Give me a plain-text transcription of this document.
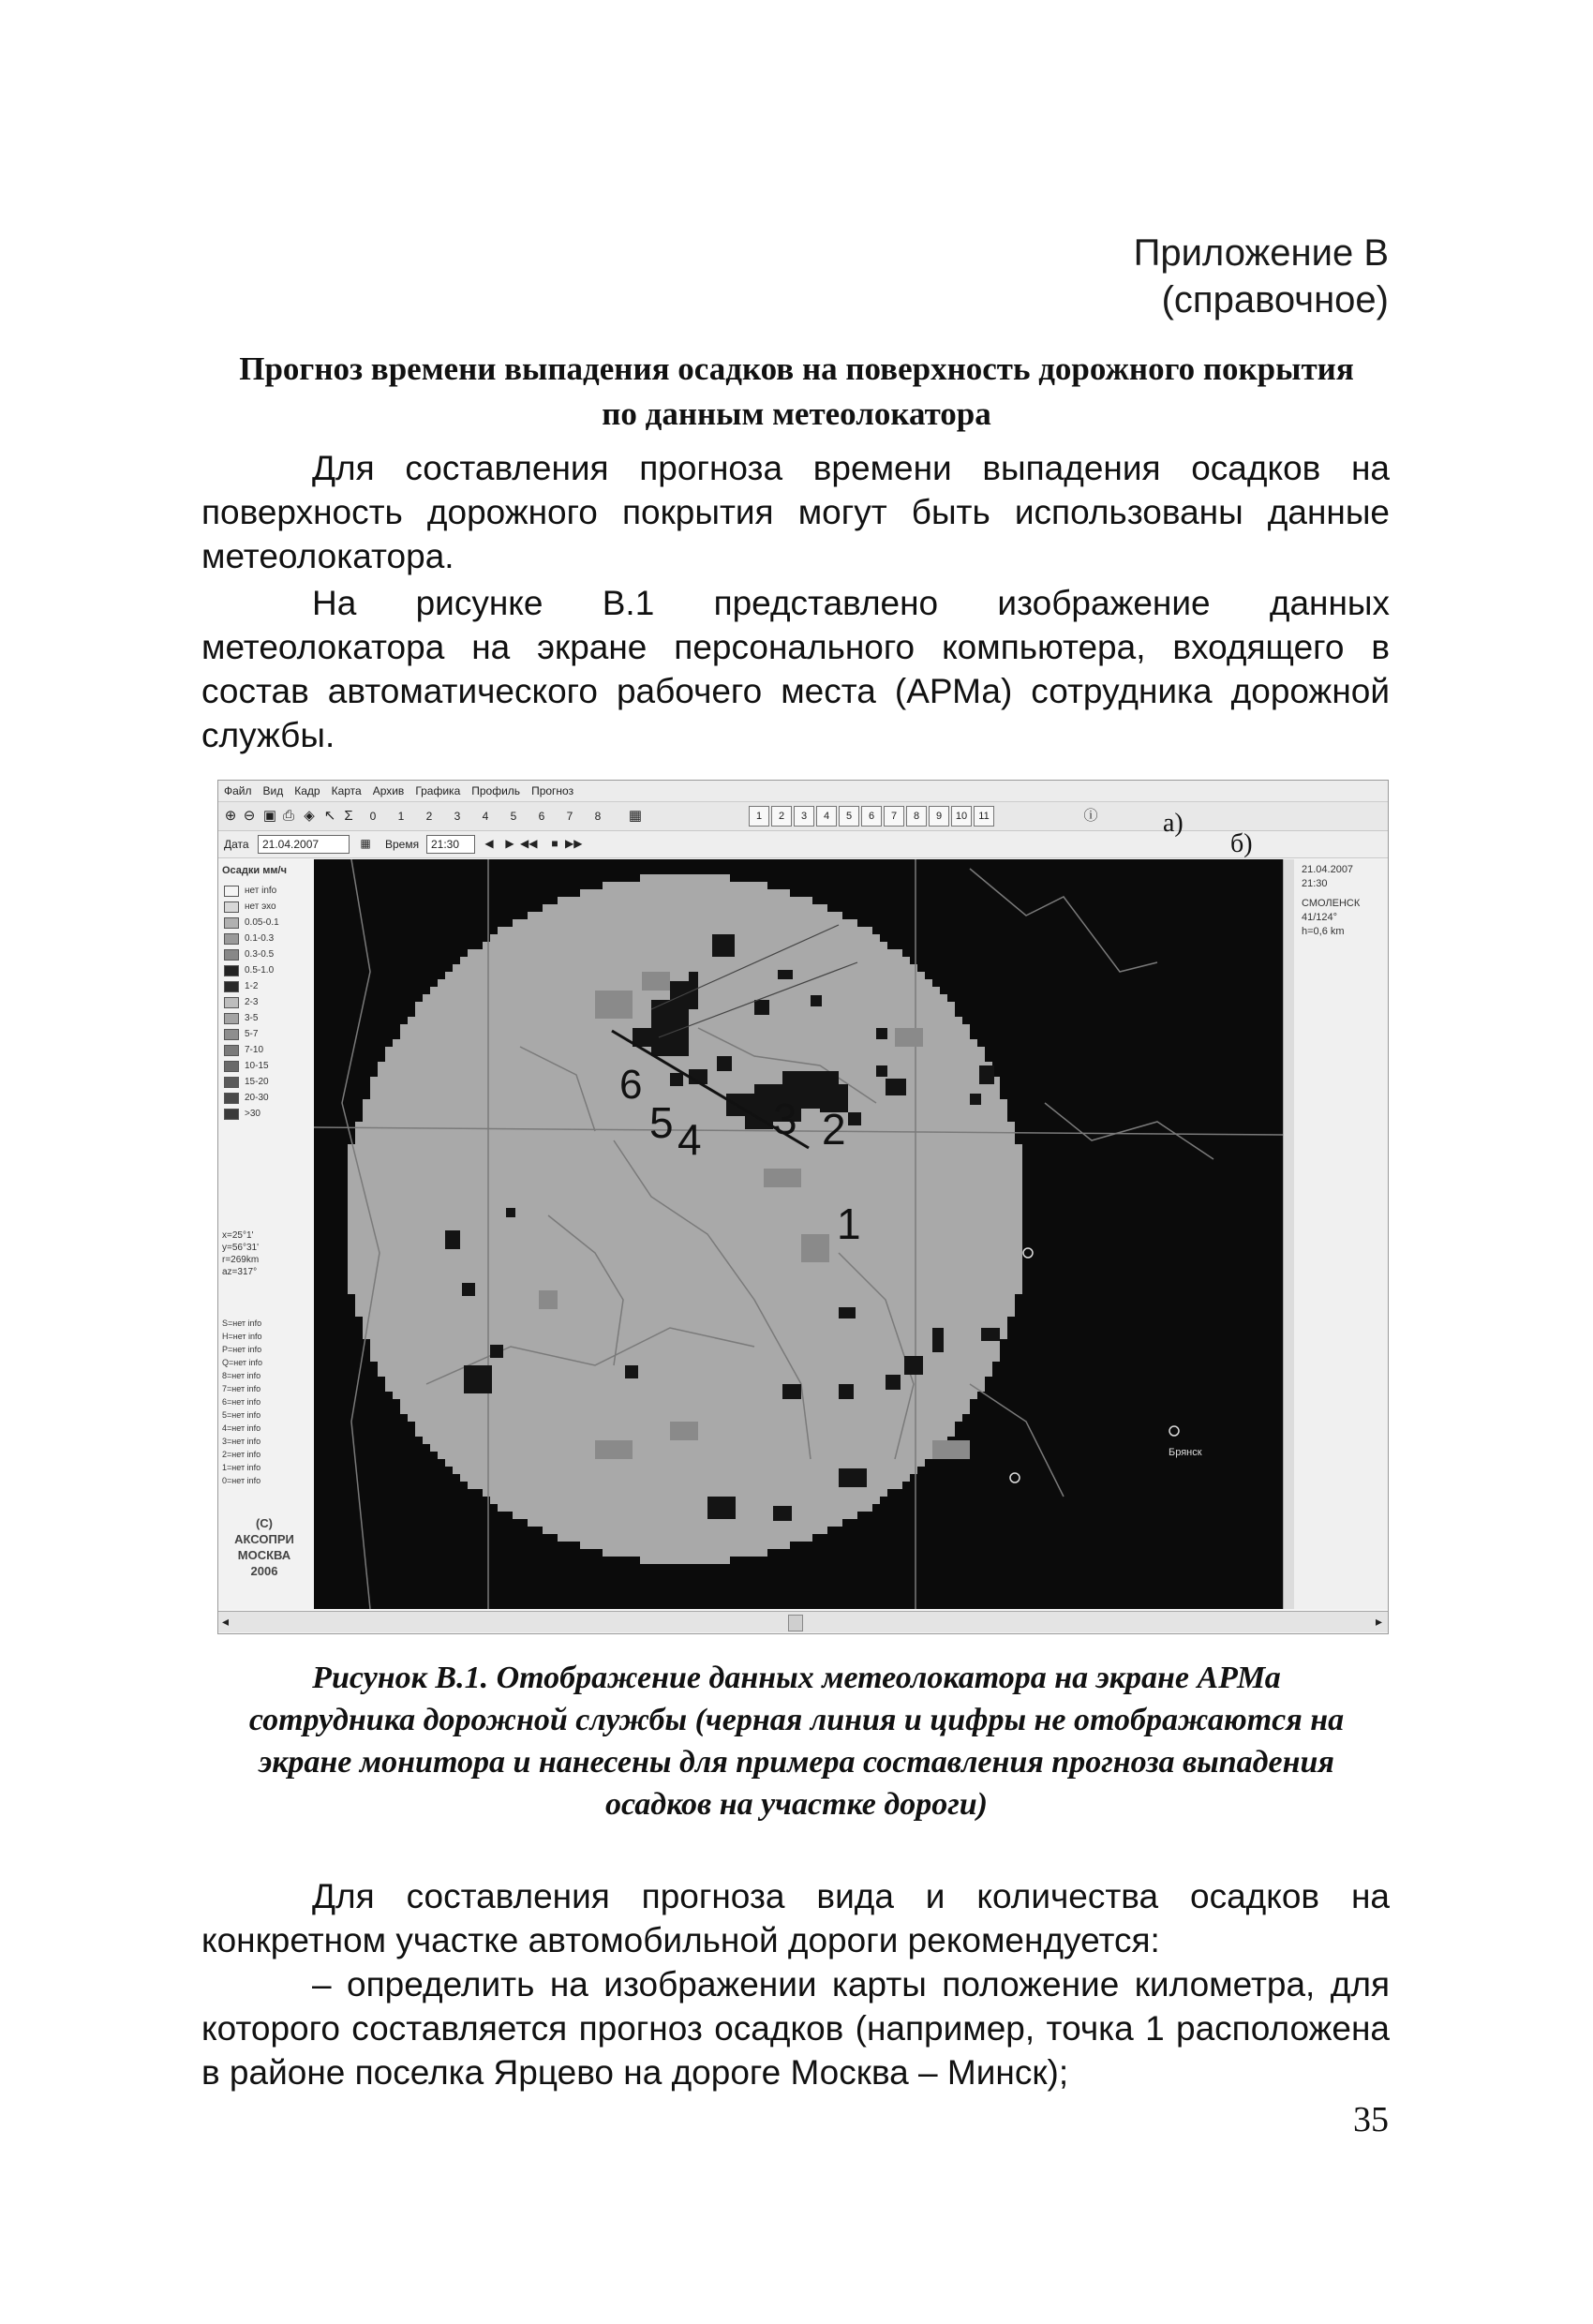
Приложение В
(справочное)
Прогноз времени выпадения осадков на поверхность дорожного покрытия по данным метеолокатора
Для составления прогноза времени выпадения осадков на поверхность дорожного покрытия могут быть использованы данные метеолокатора.
На рисунке В.1 представлено изображение данных метеолокатора на экране персонального компьютера, входящего в состав автоматического рабочего места (АРМа) сотрудника дорожной службы.
Файл Вид Кадр Карта Архив Графика Профиль Прогноз
⊕ ⊖ ▣ ⎙ ◈ ↖ Σ	0	1	2	3	4	5	6	7	8	▦	1	2	3	4	5	6	7	8	9	10	11	ⓘ
Дата	21.04.2007	▦ Время	21:30	◀	▶ ◀◀	■ ▶▶
Осадки мм/ч
нет info
нет эхо
0.05-0.1
0.1-0.3
0.3-0.5
0.5-1.0
1-2
2-3
3-5
5-7
7-10
10-15
15-20
20-30
>30
x=25°1'
y=56°31'
r=269km
az=317°
S=нет info
H=нет info
P=нет info
Q=нет info
8=нет info
7=нет info
6=нет info
5=нет info
4=нет info
3=нет info
2=нет info
1=нет info
0=нет info
(C)
АКСОПРИ
МОСКВА
2006
Брянск
6
5 4 3 2
1
а)
б)
21.04.2007
21:30
СМОЛЕНСК
41/124°
h=0,6 km
◂	▸
Рисунок В.1. Отображение данных метеолокатора на экране АРМа сотрудника дорожной службы (черная линия и цифры не отображаются на экране монитора и нанесены для примера составления прогноза выпадения осадков на участке дороги)
Для составления прогноза вида и количества осадков на конкретном участке автомобильной дороги рекомендуется:
– определить на изображении карты положение километра, для которого составляется прогноз осадков (например, точка 1 расположена в районе поселка Ярцево на дороге Москва – Минск);
35
